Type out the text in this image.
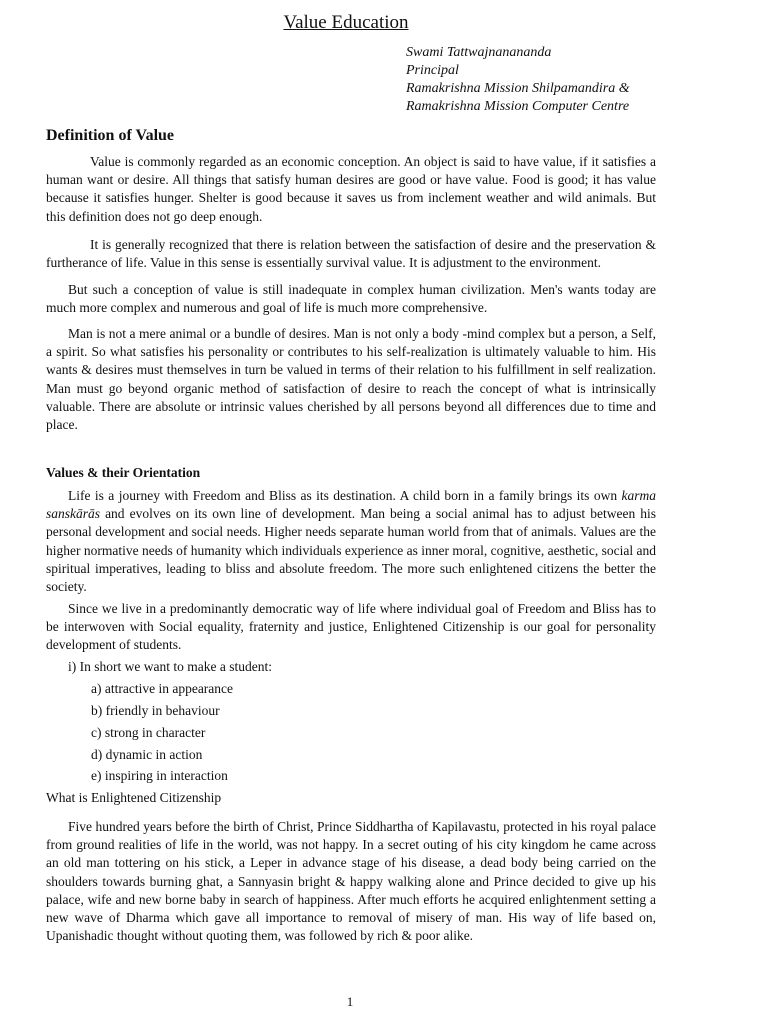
Value Education
Swami Tattwajnanananda
Principal
Ramakrishna Mission Shilpamandira &
Ramakrishna Mission Computer Centre
Definition of Value
Value is commonly regarded as an economic conception. An object is said to have value, if it satisfies a human want or desire. All things that satisfy human desires are good or have value. Food is good; it has value because it satisfies hunger. Shelter is good because it saves us from inclement weather and wild animals. But this definition does not go deep enough.
It is generally recognized that there is relation between the satisfaction of desire and the preservation & furtherance of life. Value in this sense is essentially survival value. It is adjustment to the environment.
But such a conception of value is still inadequate in complex human civilization. Men's wants today are much more complex and numerous and goal of life is much more comprehensive.
Man is not a mere animal or a bundle of desires. Man is not only a body -mind complex but a person, a Self, a spirit. So what satisfies his personality or contributes to his self-realization is ultimately valuable to him. His wants & desires must themselves in turn be valued in terms of their relation to his fulfillment in self realization. Man must go beyond organic method of satisfaction of desire to reach the concept of what is intrinsically valuable. There are absolute or intrinsic values cherished by all persons beyond all differences due to time and place.
Values & their Orientation
Life is a journey with Freedom and Bliss as its destination. A child born in a family brings its own karma sanskārās and evolves on its own line of development. Man being a social animal has to adjust between his personal development and social needs. Higher needs separate human world from that of animals. Values are the higher normative needs of humanity which individuals experience as inner moral, cognitive, aesthetic, social and spiritual imperatives, leading to bliss and absolute freedom. The more such enlightened citizens the better the society.
Since we live in a predominantly democratic way of life where individual goal of Freedom and Bliss has to be interwoven with Social equality, fraternity and justice, Enlightened Citizenship is our goal for personality development of students.
i) In short we want to make a student:
a) attractive in appearance
b) friendly in behaviour
c) strong in character
d) dynamic in action
e) inspiring in interaction
What is Enlightened Citizenship
Five hundred years before the birth of Christ, Prince Siddhartha of Kapilavastu, protected in his royal palace from ground realities of life in the world, was not happy. In a secret outing of his city kingdom he came across an old man tottering on his stick, a Leper in advance stage of his disease, a dead body being carried on the shoulders towards burning ghat, a Sannyasin bright & happy walking alone and Prince decided to give up his palace, wife and new borne baby in search of happiness. After much efforts he acquired enlightenment setting a new wave of Dharma which gave all importance to removal of misery of man. His way of life based on, Upanishadic thought without quoting them, was followed by rich & poor alike.
1
